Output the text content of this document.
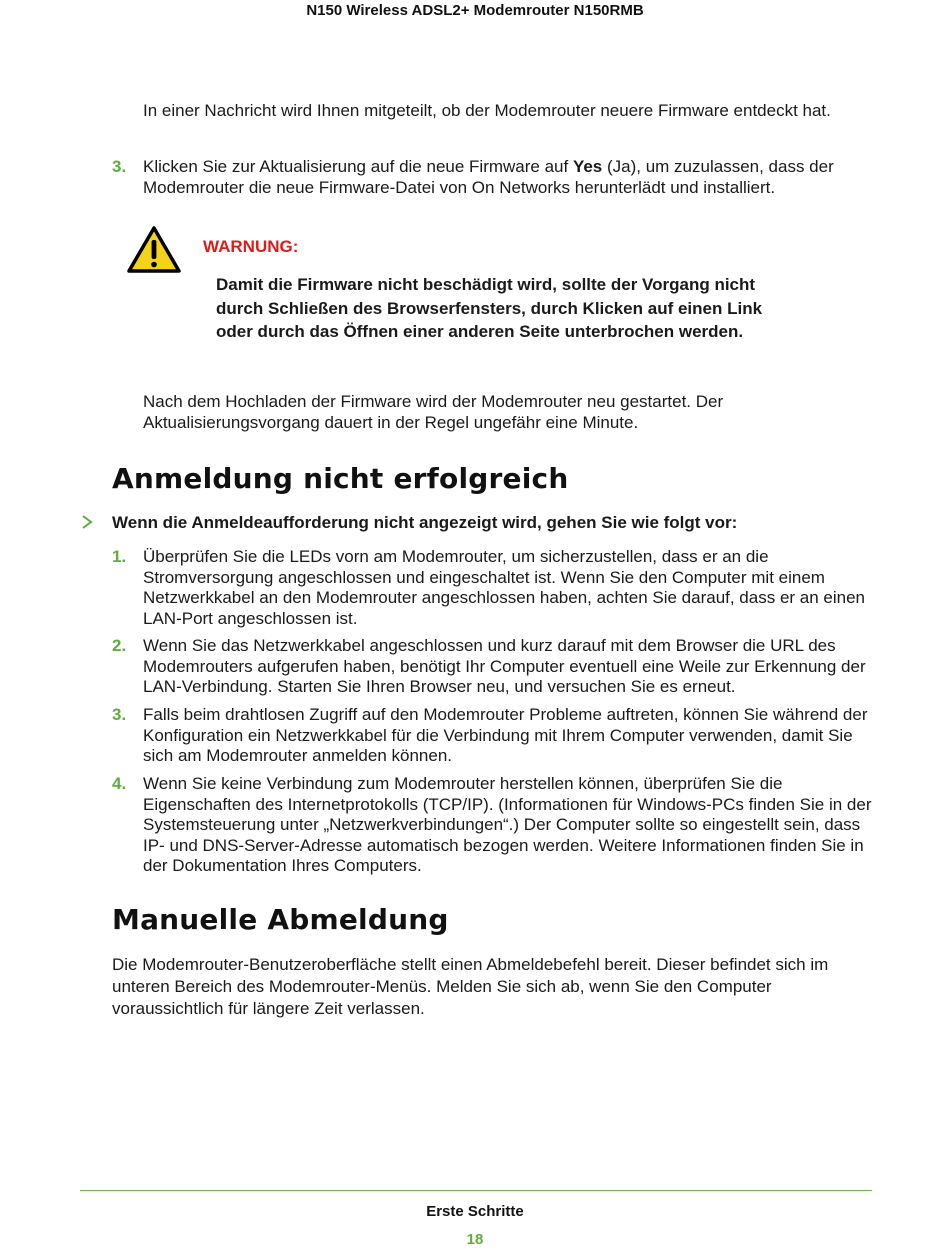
N150 Wireless ADSL2+ Modemrouter N150RMB

In einer Nachricht wird Ihnen mitgeteilt, ob der Modemrouter neuere Firmware entdeckt hat.

3. Klicken Sie zur Aktualisierung auf die neue Firmware auf Yes (Ja), um zuzulassen, dass der Modemrouter die neue Firmware-Datei von On Networks herunterlädt und installiert.

WARNUNG:

Damit die Firmware nicht beschädigt wird, sollte der Vorgang nicht durch Schließen des Browserfensters, durch Klicken auf einen Link oder durch das Öffnen einer anderen Seite unterbrochen werden.

Nach dem Hochladen der Firmware wird der Modemrouter neu gestartet. Der Aktualisierungsvorgang dauert in der Regel ungefähr eine Minute.

Anmeldung nicht erfolgreich
Wenn die Anmeldeaufforderung nicht angezeigt wird, gehen Sie wie folgt vor:
1. Überprüfen Sie die LEDs vorn am Modemrouter, um sicherzustellen, dass er an die Stromversorgung angeschlossen und eingeschaltet ist. Wenn Sie den Computer mit einem Netzwerkkabel an den Modemrouter angeschlossen haben, achten Sie darauf, dass er an einen LAN-Port angeschlossen ist.

2. Wenn Sie das Netzwerkkabel angeschlossen und kurz darauf mit dem Browser die URL des Modemrouters aufgerufen haben, benötigt Ihr Computer eventuell eine Weile zur Erkennung der LAN-Verbindung. Starten Sie Ihren Browser neu, und versuchen Sie es erneut.

3. Falls beim drahtlosen Zugriff auf den Modemrouter Probleme auftreten, können Sie während der Konfiguration ein Netzwerkkabel für die Verbindung mit Ihrem Computer verwenden, damit Sie sich am Modemrouter anmelden können.

4. Wenn Sie keine Verbindung zum Modemrouter herstellen können, überprüfen Sie die Eigenschaften des Internetprotokolls (TCP/IP). (Informationen für Windows-PCs finden Sie in der Systemsteuerung unter „Netzwerkverbindungen“.) Der Computer sollte so eingestellt sein, dass IP- und DNS-Server-Adresse automatisch bezogen werden. Weitere Informationen finden Sie in der Dokumentation Ihres Computers.

Manuelle Abmeldung

Die Modemrouter-Benutzeroberfläche stellt einen Abmeldebefehl bereit. Dieser befindet sich im unteren Bereich des Modemrouter-Menüs. Melden Sie sich ab, wenn Sie den Computer voraussichtlich für längere Zeit verlassen.

Erste Schritte
18
